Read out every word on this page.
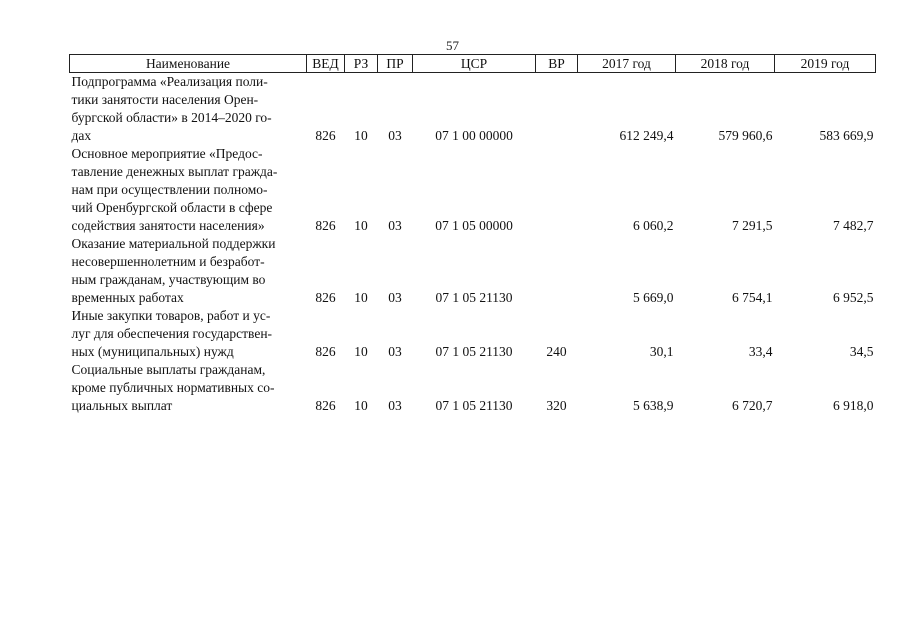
57
Наименование	ВЕД	РЗ	ПР	ЦСР	ВР	2017 год	2018 год	2019 год

Подпрограмма «Реализация поли-
тики занятости населения Орен-
бургской области» в 2014–2020 го-
дах	826	10	03	07 1 00 00000		612 249,4	579 960,6	583 669,9

Основное мероприятие «Предос-
тавление денежных выплат гражда-
нам при осуществлении полномо-
чий Оренбургской области в сфере
содействия занятости населения»	826	10	03	07 1 05 00000		6 060,2	7 291,5	7 482,7

Оказание материальной поддержки
несовершеннолетним и безработ-
ным гражданам, участвующим во
временных работах	826	10	03	07 1 05 21130		5 669,0	6 754,1	6 952,5

Иные закупки товаров, работ и ус-
луг для обеспечения государствен-
ных (муниципальных) нужд	826	10	03	07 1 05 21130	240	30,1	33,4	34,5

Социальные выплаты гражданам,
кроме публичных нормативных со-
циальных выплат	826	10	03	07 1 05 21130	320	5 638,9	6 720,7	6 918,0
